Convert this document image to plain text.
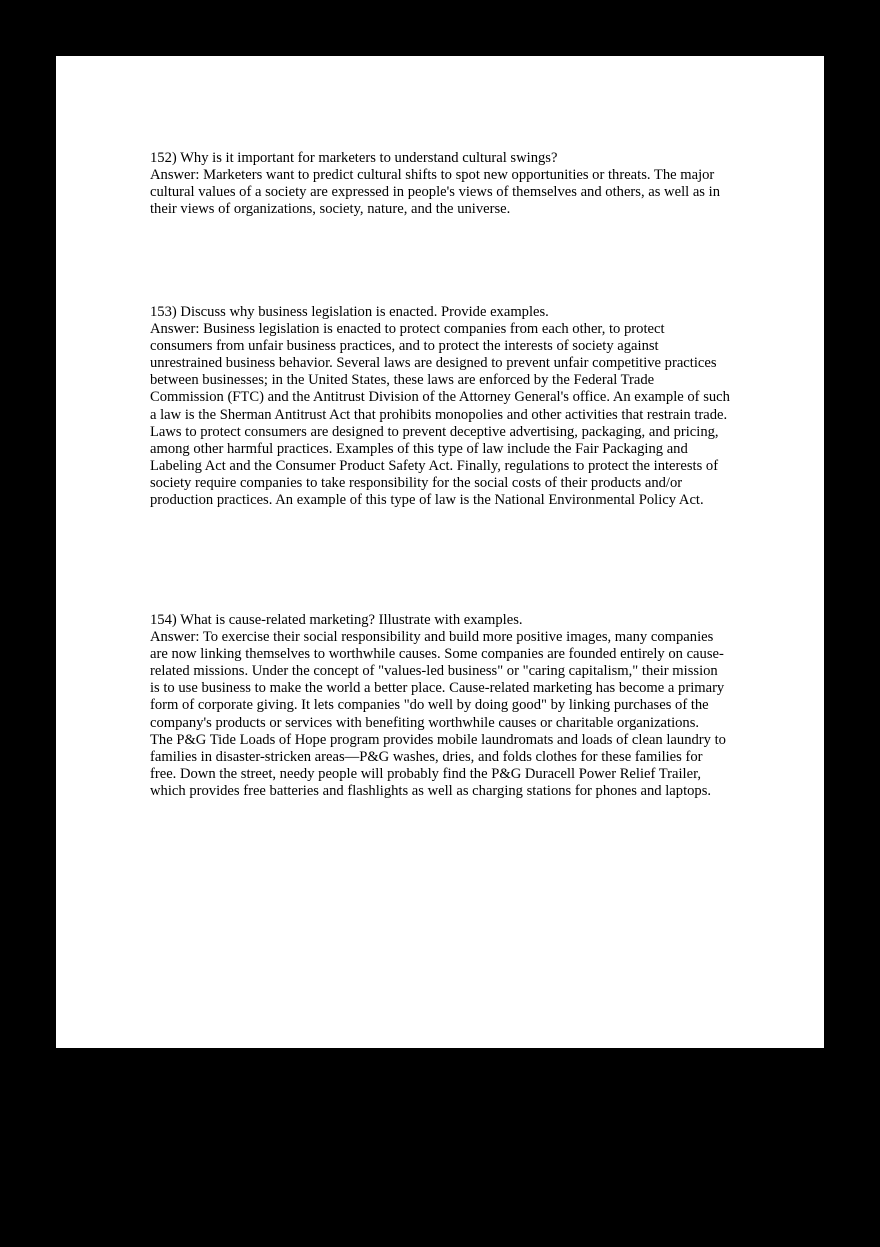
152) Why is it important for marketers to understand cultural swings?

Answer: Marketers want to predict cultural shifts to spot new opportunities or threats. The major cultural values of a society are expressed in people's views of themselves and others, as well as in their views of organizations, society, nature, and the universe.

153) Discuss why business legislation is enacted. Provide examples.

Answer: Business legislation is enacted to protect companies from each other, to protect consumers from unfair business practices, and to protect the interests of society against unrestrained business behavior. Several laws are designed to prevent unfair competitive practices between businesses; in the United States, these laws are enforced by the Federal Trade Commission (FTC) and the Antitrust Division of the Attorney General's office. An example of such a law is the Sherman Antitrust Act that prohibits monopolies and other activities that restrain trade. Laws to protect consumers are designed to prevent deceptive advertising, packaging, and pricing, among other harmful practices. Examples of this type of law include the Fair Packaging and Labeling Act and the Consumer Product Safety Act. Finally, regulations to protect the interests of society require companies to take responsibility for the social costs of their products and/or production practices. An example of this type of law is the National Environmental Policy Act.

154) What is cause-related marketing? Illustrate with examples.

Answer: To exercise their social responsibility and build more positive images, many companies are now linking themselves to worthwhile causes. Some companies are founded entirely on cause-related missions. Under the concept of "values-led business" or "caring capitalism," their mission is to use business to make the world a better place. Cause-related marketing has become a primary form of corporate giving. It lets companies "do well by doing good" by linking purchases of the company's products or services with benefiting worthwhile causes or charitable organizations.

The P&G Tide Loads of Hope program provides mobile laundromats and loads of clean laundry to families in disaster-stricken areas—P&G washes, dries, and folds clothes for these families for free. Down the street, needy people will probably find the P&G Duracell Power Relief Trailer, which provides free batteries and flashlights as well as charging stations for phones and laptops.
